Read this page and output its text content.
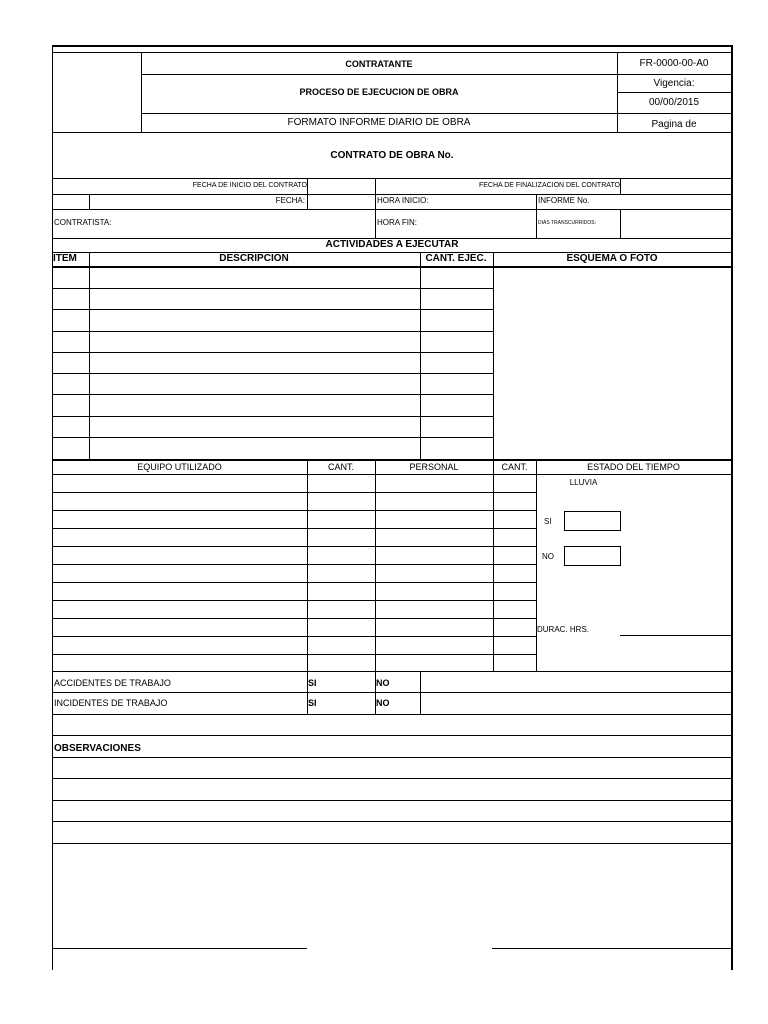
CONTRATANTE
PROCESO DE EJECUCION DE OBRA
FORMATO INFORME DIARIO DE OBRA
FR-0000-00-A0
Vigencia:
00/00/2015
Pagina de
CONTRATO DE OBRA No.
FECHA DE INICIO DEL CONTRATO	FECHA DE FINALIZACION DEL CONTRATO
FECHA:	HORA INICIO:	INFORME No.
CONTRATISTA:	HORA FIN:	DIAS TRANSCURRIDOS:
ACTIVIDADES A EJECUTAR
ITEM	DESCRIPCION	CANT. EJEC.	ESQUEMA O FOTO
EQUIPO UTILIZADO	CANT.	PERSONAL	CANT.	ESTADO DEL TIEMPO
LLUVIA
SI
NO
DURAC. HRS.
ACCIDENTES DE TRABAJO	SI	NO
INCIDENTES DE TRABAJO	SI	NO
OBSERVACIONES
